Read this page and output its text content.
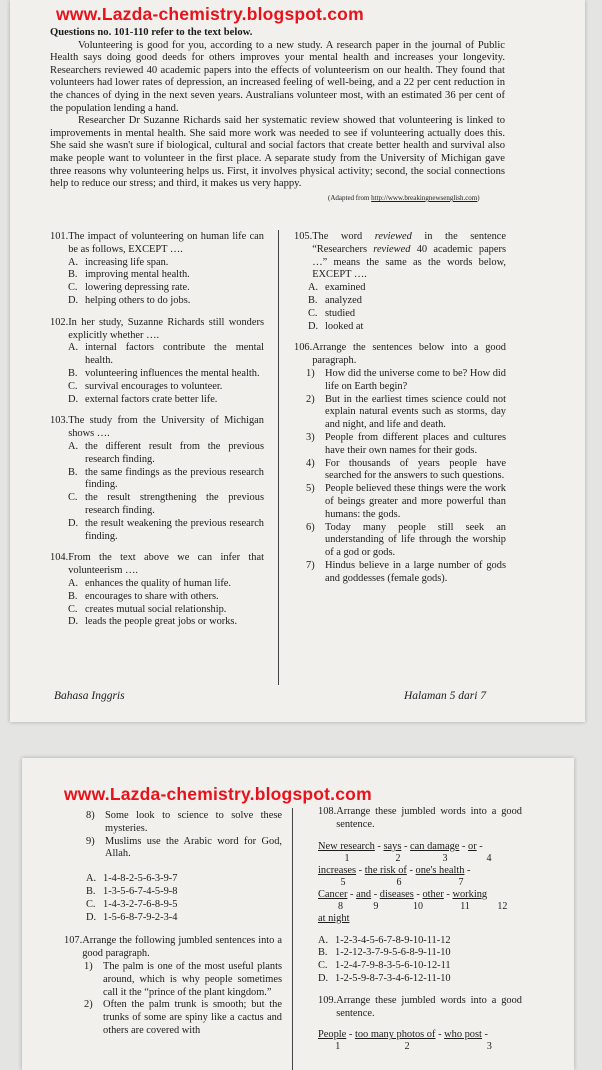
www.Lazda-chemistry.blogspot.com

Questions no. 101-110 refer to the text below.

Volunteering is good for you, according to a new study. A research paper in the journal of Public Health says doing good deeds for others improves your mental health and increases your longevity. Researchers reviewed 40 academic papers into the effects of volunteerism on our health. They found that volunteers had lower rates of depression, an increased feeling of well-being, and a 22 per cent reduction in the chances of dying in the next seven years. Australians volunteer most, with an estimated 36 per cent of the population lending a hand.

Researcher Dr Suzanne Richards said her systematic review showed that volunteering is linked to improvements in mental health. She said more work was needed to see if volunteering actually does this. She said she wasn't sure if biological, cultural and social factors that create better health and survival also make people want to volunteer in the first place. A separate study from the University of Michigan gave three reasons why volunteering helps us. First, it involves physical activity; second, the social connections help to reduce our stress; and third, it makes us very happy.

(Adapted from http://www.breakingnewsenglish.com)
101. The impact of volunteering on human life can be as follows, EXCEPT ….
A. increasing life span.
B. improving mental health.
C. lowering depressing rate.
D. helping others to do jobs.
102. In her study, Suzanne Richards still wonders explicitly whether ….
A. internal factors contribute the mental health.
B. volunteering influences the mental health.
C. survival encourages to volunteer.
D. external factors crate better life.
103. The study from the University of Michigan shows ….
A. the different result from the previous research finding.
B. the same findings as the previous research finding.
C. the result strengthening the previous research finding.
D. the result weakening the previous research finding.
104. From the text above we can infer that volunteerism ….
A. enhances the quality of human life.
B. encourages to share with others.
C. creates mutual social relationship.
D. leads the people great jobs or works.
105. The word reviewed in the sentence “Researchers reviewed 40 academic papers …” means the same as the words below, EXCEPT ….
A. examined
B. analyzed
C. studied
D. looked at
106. Arrange the sentences below into a good paragraph.
1) How did the universe come to be? How did life on Earth begin?
2) But in the earliest times science could not explain natural events such as storms, day and night, and life and death.
3) People from different places and cultures have their own names for their gods.
4) For thousands of years people have searched for the answers to such questions.
5) People believed these things were the work of beings greater and more powerful than humans: the gods.
6) Today many people still seek an understanding of life through the worship of a god or gods.
7) Hindus believe in a large number of gods and goddesses (female gods).
Bahasa Inggris	Halaman 5 dari 7
www.Lazda-chemistry.blogspot.com
8) Some look to science to solve these mysteries.
9) Muslims use the Arabic word for God, Allah.
A. 1-4-8-2-5-6-3-9-7
B. 1-3-5-6-7-4-5-9-8
C. 1-4-3-2-7-6-8-9-5
D. 1-5-6-8-7-9-2-3-4
107. Arrange the following jumbled sentences into a good paragraph.
1) The palm is one of the most useful plants around, which is why people sometimes call it the “prince of the plant kingdom.”
2) Often the palm trunk is smooth; but the trunks of some are spiny like a cactus and others are covered with
108. Arrange these jumbled words into a good sentence.
New research - says - can damage - or -
1	2	3	4
increases - the risk of - one's health -
5	6	7
Cancer - and - diseases - other - working
8	9	10	11	12
at night
A. 1-2-3-4-5-6-7-8-9-10-11-12
B. 1-2-12-3-7-9-5-6-8-9-11-10
C. 1-2-4-7-9-8-3-5-6-10-12-11
D. 1-2-5-9-8-7-3-4-6-12-11-10
109. Arrange these jumbled words into a good sentence.
People - too many photos of - who post -
1	2	3
